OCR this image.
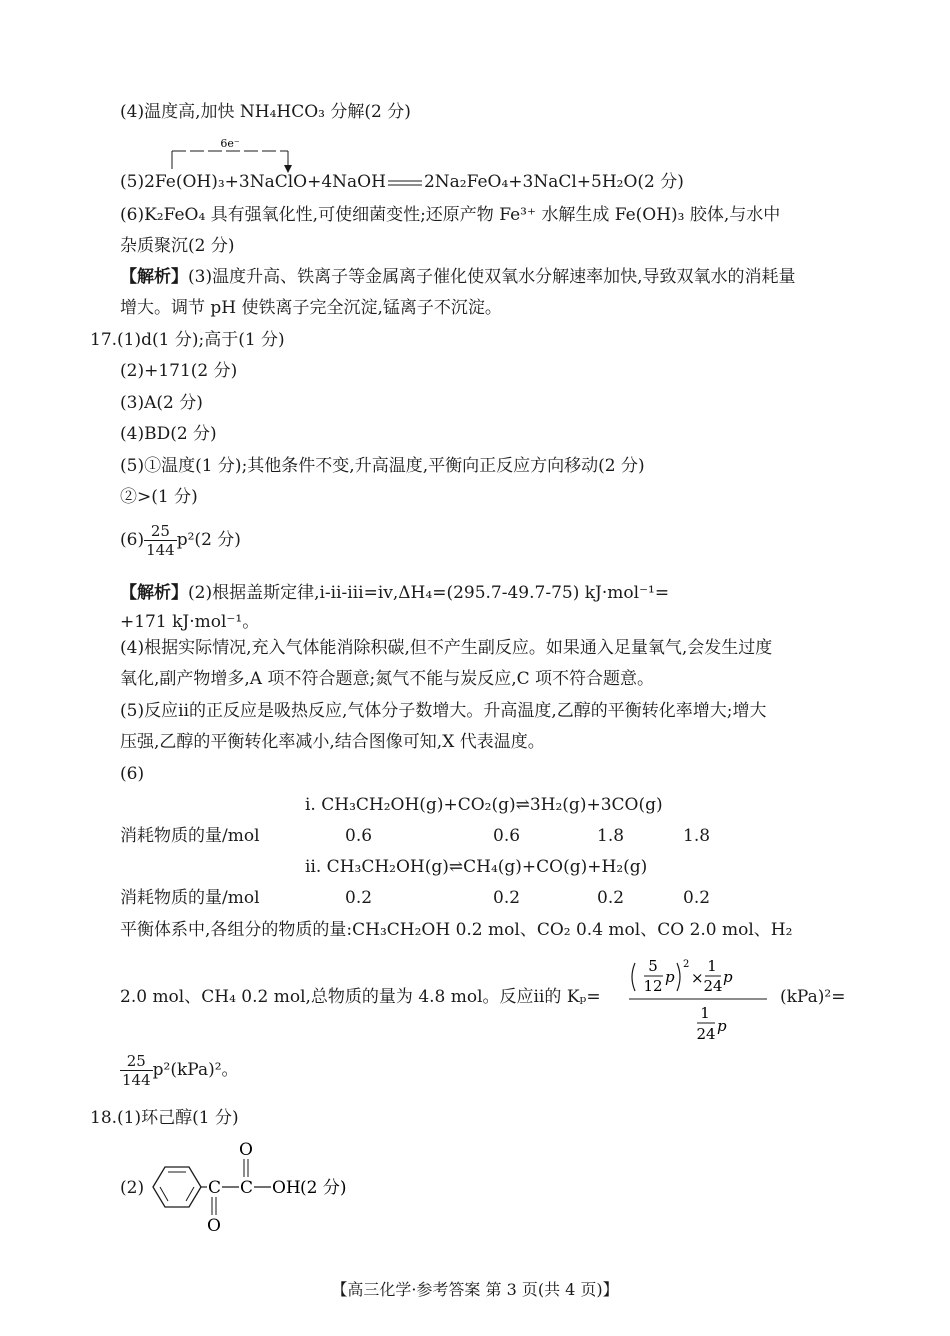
(4)温度高,加快 NH₄HCO₃ 分解(2 分)
6e⁻
(5)2Fe(OH)₃+3NaClO+4NaOH 2Na₂FeO₄+3NaCl+5H₂O(2 分)
(6)K₂FeO₄ 具有强氧化性,可使细菌变性;还原产物 Fe³⁺ 水解生成 Fe(OH)₃ 胶体,与水中
杂质聚沉(2 分)
【解析】(3)温度升高、铁离子等金属离子催化使双氧水分解速率加快,导致双氧水的消耗量
增大。调节 pH 使铁离子完全沉淀,锰离子不沉淀。
17.(1)d(1 分);高于(1 分)
(2)+171(2 分)
(3)A(2 分)
(4)BD(2 分)
(5)①温度(1 分);其他条件不变,升高温度,平衡向正反应方向移动(2 分)
②>(1 分)
$(6) \frac{25}{144} p^2(2$ 分)
【解析】(2)根据盖斯定律,ⅰ-ⅱ-ⅲ=ⅳ,ΔH₄=(295.7-49.7-75) kJ·mol⁻¹=
+171 kJ·mol⁻¹。
(4)根据实际情况,充入气体能消除积碳,但不产生副反应。如果通入足量氧气,会发生过度
氧化,副产物增多,A 项不符合题意;氮气不能与炭反应,C 项不符合题意。
(5)反应ⅱ的正反应是吸热反应,气体分子数增大。升高温度,乙醇的平衡转化率增大;增大
压强,乙醇的平衡转化率减小,结合图像可知,X 代表温度。
(6)
ⅰ. CH₃CH₂OH(g)+CO₂(g)⇌3H₂(g)+3CO(g)
消耗物质的量/mol	0.6	0.6	1.8	1.8
ⅱ. CH₃CH₂OH(g)⇌CH₄(g)+CO(g)+H₂(g)
消耗物质的量/mol	0.2	0.2	0.2	0.2
平衡体系中,各组分的物质的量:CH₃CH₂OH 0.2 mol、CO₂ 0.4 mol、CO 2.0 mol、H₂
2.0 mol、CH₄ 0.2 mol,总物质的量为 4.8 mol。反应ⅱ的 Kₚ=
5
12 p
2
×
1
24 p
1
24 p
(kPa)²=
$\frac{25}{144} p^2(kPa)^2$。
18.(1)环己醇(1 分)
(2)	C
O
C
O
OH (2 分)
【高三化学·参考答案 第 3 页(共 4 页)】
